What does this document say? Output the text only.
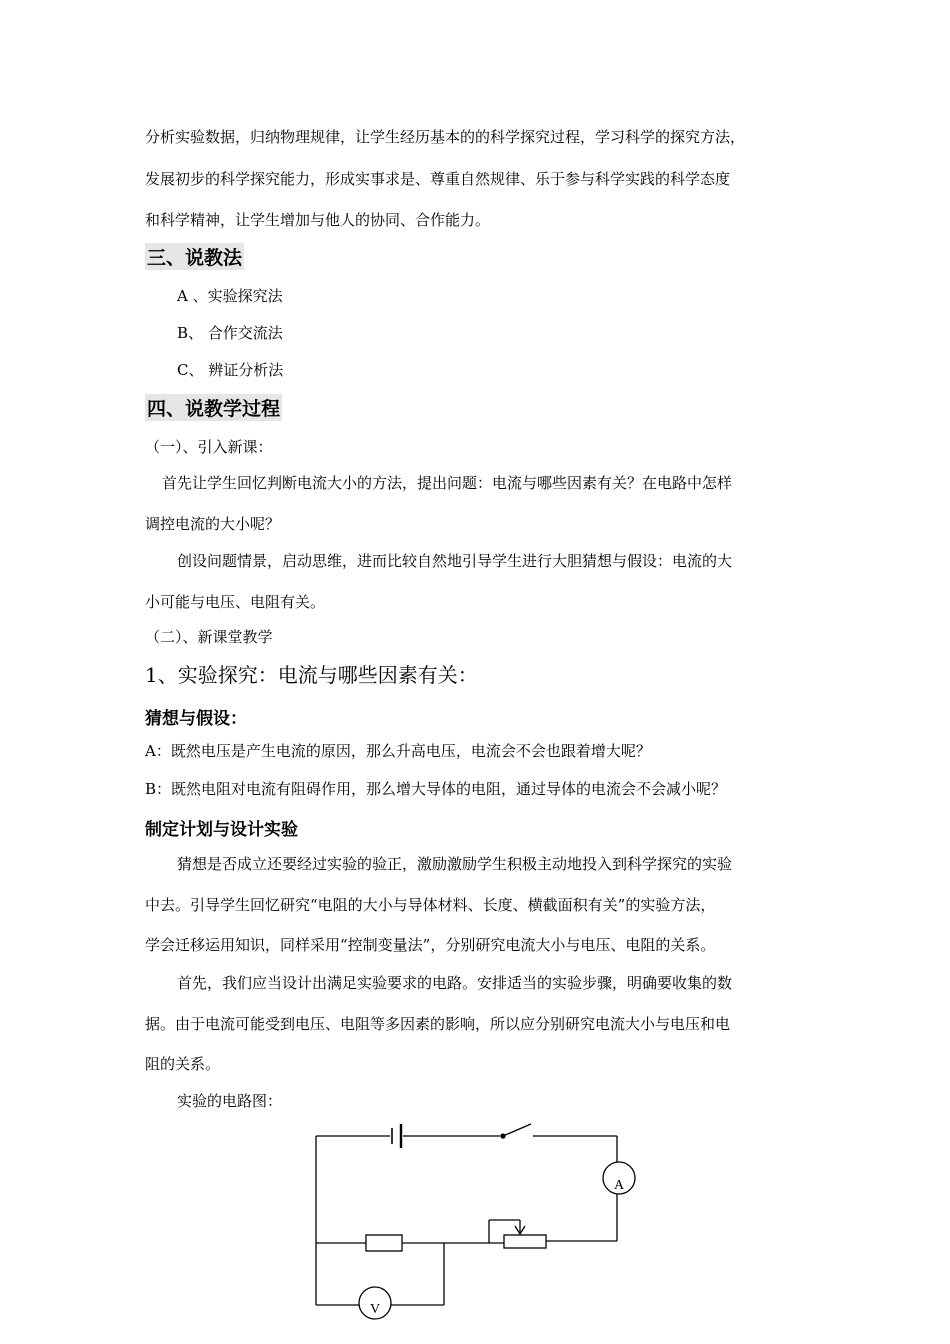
分析实验数据，归纳物理规律，让学生经历基本的的科学探究过程，学习科学的探究方法，
发展初步的科学探究能力，形成实事求是、尊重自然规律、乐于参与科学实践的科学态度
和科学精神，让学生增加与他人的协同、合作能力。
三、说教法
A 、实验探究法
B、 合作交流法
C、 辨证分析法
四、说教学过程
（一）、引入新课：
首先让学生回忆判断电流大小的方法，提出问题：电流与哪些因素有关？在电路中怎样
调控电流的大小呢？
创设问题情景，启动思维，进而比较自然地引导学生进行大胆猜想与假设：电流的大
小可能与电压、电阻有关。
（二）、新课堂教学
1、实验探究：电流与哪些因素有关：
猜想与假设：
A：既然电压是产生电流的原因，那么升高电压，电流会不会也跟着增大呢？
B：既然电阻对电流有阻碍作用，那么增大导体的电阻，通过导体的电流会不会减小呢？
制定计划与设计实验
猜想是否成立还要经过实验的验正，激励激励学生积极主动地投入到科学探究的实验
中去。引导学生回忆研究“电阻的大小与导体材料、长度、横截面积有关”的实验方法，
学会迁移运用知识，同样采用“控制变量法”，分别研究电流大小与电压、电阻的关系。
首先，我们应当设计出满足实验要求的电路。安排适当的实验步骤，明确要收集的数
据。由于电流可能受到电压、电阻等多因素的影响，所以应分别研究电流大小与电压和电
阻的关系。
实验的电路图：
A
V
